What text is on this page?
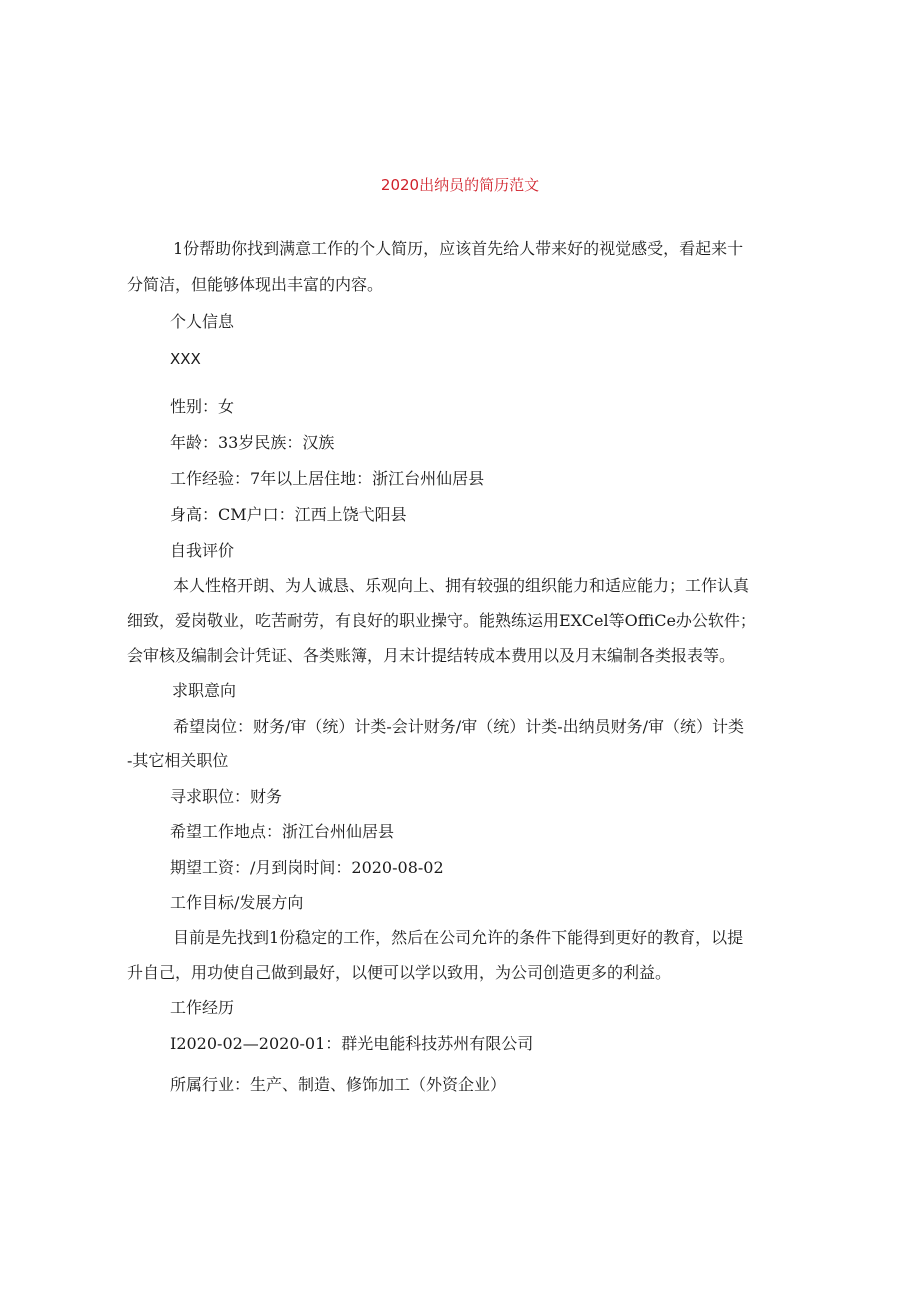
2020出纳员的简历范文
1份帮助你找到满意工作的个人简历，应该首先给人带来好的视觉感受，看起来十
分简洁，但能够体现出丰富的内容。
个人信息
XXX
性别：女
年龄：33岁民族：汉族
工作经验：7年以上居住地：浙江台州仙居县
身高：CM户口：江西上饶弋阳县
自我评价
本人性格开朗、为人诚恳、乐观向上、拥有较强的组织能力和适应能力；工作认真
细致，爱岗敬业，吃苦耐劳，有良好的职业操守。能熟练运用EXCel等OffiCe办公软件；
会审核及编制会计凭证、各类账簿，月末计提结转成本费用以及月末编制各类报表等。
求职意向
希望岗位：财务/审（统）计类-会计财务/审（统）计类-出纳员财务/审（统）计类
-其它相关职位
寻求职位：财务
希望工作地点：浙江台州仙居县
期望工资：/月到岗时间：2020-08-02
工作目标/发展方向
目前是先找到1份稳定的工作，然后在公司允许的条件下能得到更好的教育，以提
升自己，用功使自己做到最好，以便可以学以致用，为公司创造更多的利益。
工作经历
I2020-02—2020-01：群光电能科技苏州有限公司
所属行业：生产、制造、修饰加工（外资企业）
